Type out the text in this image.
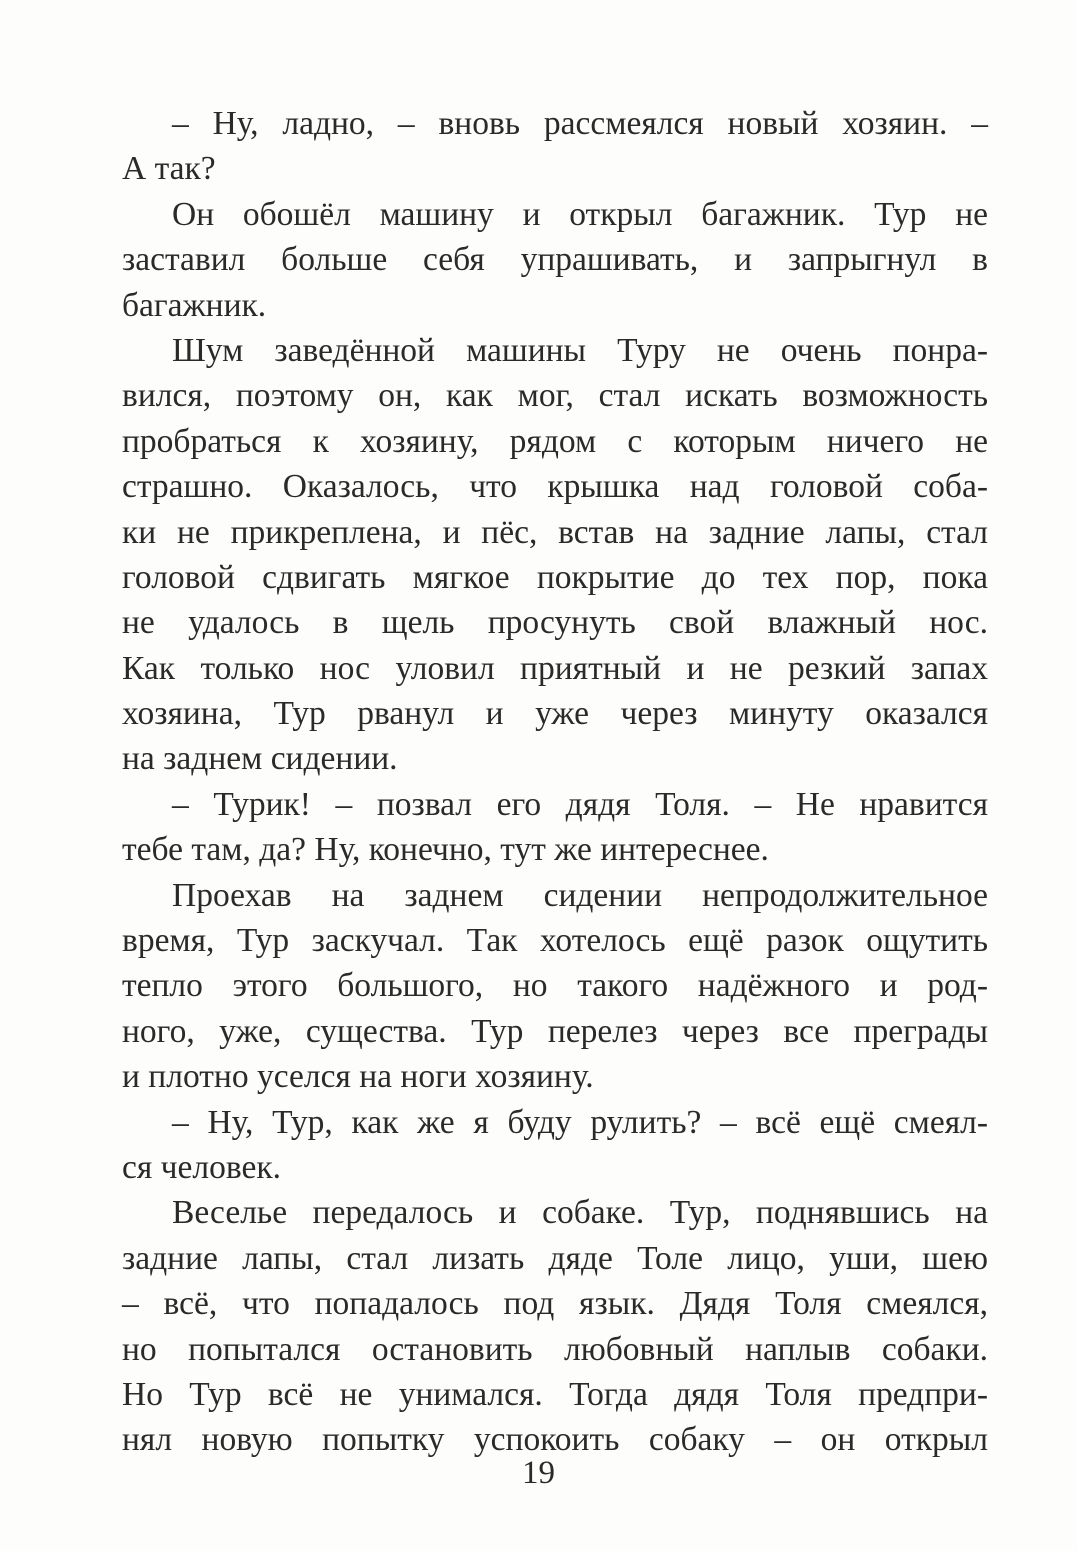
– Ну, ладно, – вновь рассмеялся новый хозяин. –
А так?
Он обошёл машину и открыл багажник. Тур не
заставил больше себя упрашивать, и запрыгнул в
багажник.
Шум заведённой машины Туру не очень понра-
вился, поэтому он, как мог, стал искать возможность
пробраться к хозяину, рядом с которым ничего не
страшно. Оказалось, что крышка над головой соба-
ки не прикреплена, и пёс, встав на задние лапы, стал
головой сдвигать мягкое покрытие до тех пор, пока
не удалось в щель просунуть свой влажный нос.
Как только нос уловил приятный и не резкий запах
хозяина, Тур рванул и уже через минуту оказался
на заднем сидении.
– Турик! – позвал его дядя Толя. – Не нравится
тебе там, да? Ну, конечно, тут же интереснее.
Проехав на заднем сидении непродолжительное
время, Тур заскучал. Так хотелось ещё разок ощутить
тепло этого большого, но такого надёжного и род-
ного, уже, существа. Тур перелез через все преграды
и плотно уселся на ноги хозяину.
– Ну, Тур, как же я буду рулить? – всё ещё смеял-
ся человек.
Веселье передалось и собаке. Тур, поднявшись на
задние лапы, стал лизать дяде Толе лицо, уши, шею
– всё, что попадалось под язык. Дядя Толя смеялся,
но попытался остановить любовный наплыв собаки.
Но Тур всё не унимался. Тогда дядя Толя предпри-
нял новую попытку успокоить собаку – он открыл
19
